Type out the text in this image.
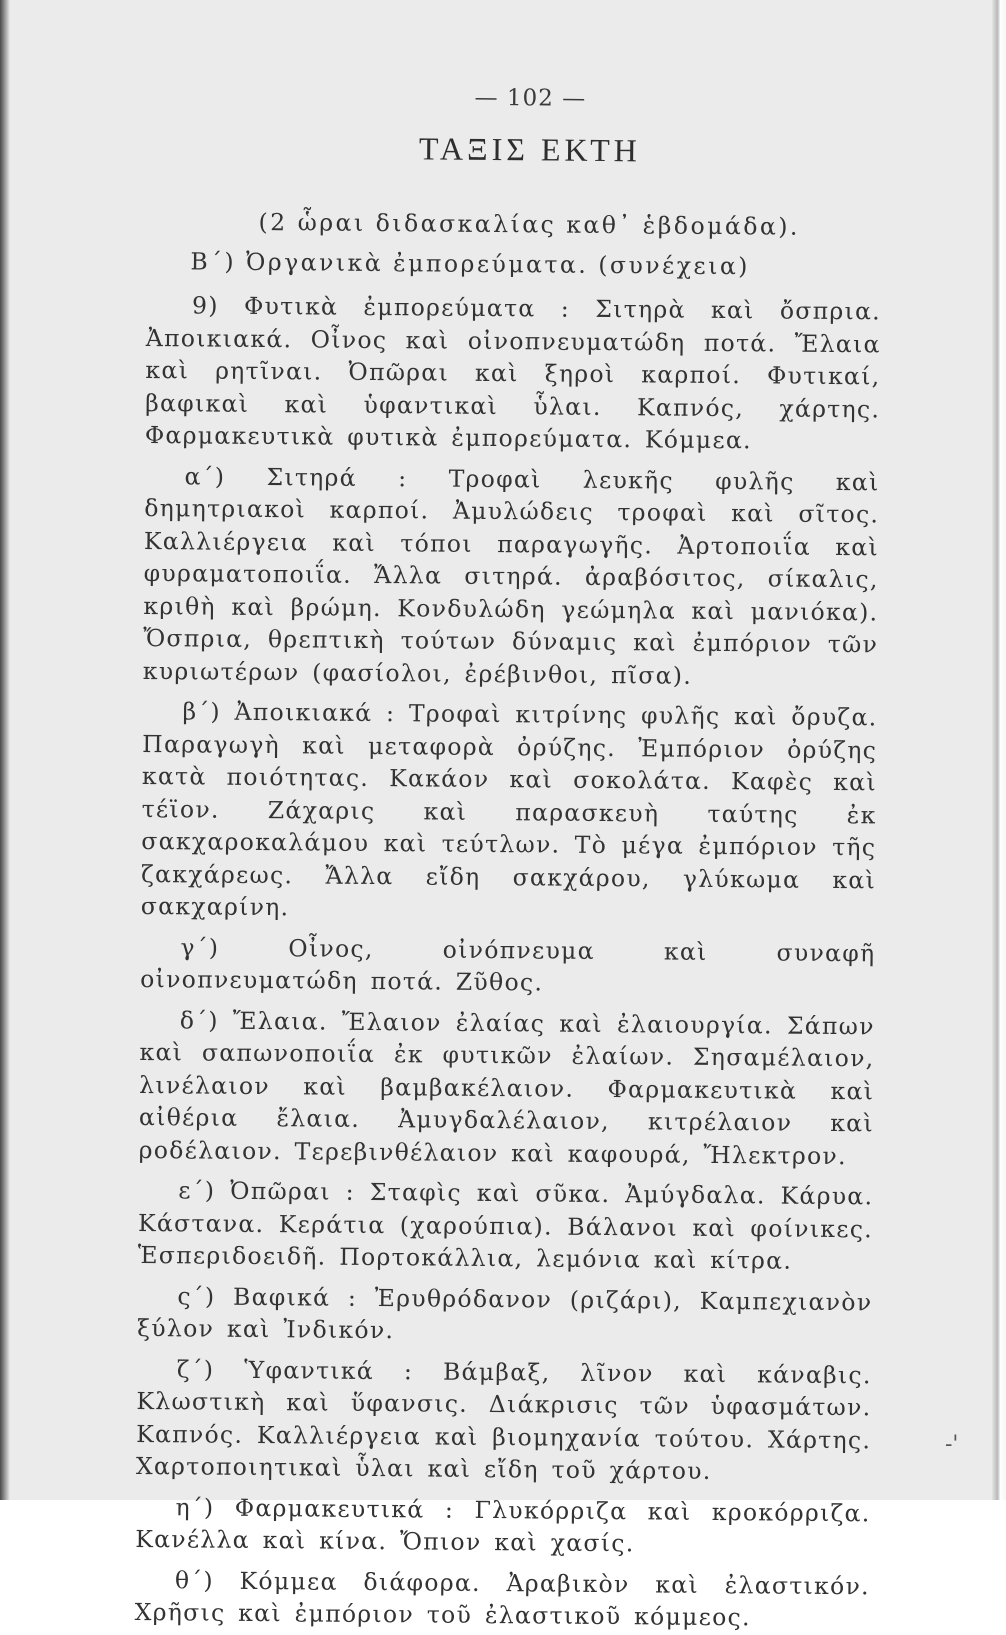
— 102 —
ΤΑΞΙΣ ΕΚΤΗ

(2 ὧραι διδασκαλίας καθ᾽ ἑβδομάδα).

Β΄) Ὀργανικὰ ἐμπορεύματα. (συνέχεια)

9) Φυτικὰ ἐμπορεύματα : Σιτηρὰ καὶ ὄσπρια. Ἀποικιακά. Οἶνος καὶ οἰνοπνευματώδη ποτά. Ἔλαια καὶ ρητῖναι. Ὀπῶραι καὶ ξηροὶ καρποί. Φυτικαί, βαφικαὶ καὶ ὑφαντικαὶ ὗλαι. Καπνός, χάρτης. Φαρμακευτικὰ φυτικὰ ἐμπορεύματα. Κόμμεα.

α΄) Σιτηρά : Τροφαὶ λευκῆς φυλῆς καὶ δημητριακοὶ καρποί. Ἀμυλώδεις τροφαὶ καὶ σῖτος. Καλλιέργεια καὶ τόποι παραγωγῆς. Ἀρτοποιΐα καὶ φυραματοποιΐα. Ἄλλα σιτηρά. ἀραβόσιτος, σίκαλις, κριθὴ καὶ βρώμη. Κονδυλώδη γεώμηλα καὶ μανιόκα). Ὄσπρια, θρεπτικὴ τούτων δύναμις καὶ ἐμπόριον τῶν κυριωτέρων (φασίολοι, ἐρέβινθοι, πῖσα).

β΄) Ἀποικιακά : Τροφαὶ κιτρίνης φυλῆς καὶ ὄρυζα. Παραγωγὴ καὶ μεταφορὰ ὀρύζης. Ἐμπόριον ὀρύζης κατὰ ποιότητας. Κακάον καὶ σοκολάτα. Καφὲς καὶ τέϊον. Ζάχαρις καὶ παρασκευὴ ταύτης ἐκ σακχαροκαλάμου καὶ τεύτλων. Τὸ μέγα ἐμπόριον τῆς ζακχάρεως. Ἄλλα εἴδη σακχάρου, γλύκωμα καὶ σακχαρίνη.

γ΄) Οἶνος, οἰνόπνευμα καὶ συναφῆ οἰνοπνευματώδη ποτά. Ζῦθος.

δ΄) Ἔλαια. Ἔλαιον ἐλαίας καὶ ἐλαιουργία. Σάπων καὶ σαπωνοποιΐα ἐκ φυτικῶν ἐλαίων. Σησαμέλαιον, λινέλαιον καὶ βαμβακέλαιον. Φαρμακευτικὰ καὶ αἰθέρια ἔλαια. Ἀμυγδαλέλαιον, κιτρέλαιον καὶ ροδέλαιον. Τερεβινθέλαιον καὶ καφουρά, Ἤλεκτρον.

ε΄) Ὀπῶραι : Σταφὶς καὶ σῦκα. Ἀμύγδαλα. Κάρυα. Κάστανα. Κεράτια (χαρούπια). Βάλανοι καὶ φοίνικες. Ἑσπεριδοειδῆ. Πορτοκάλλια, λεμόνια καὶ κίτρα.

ς΄) Βαφικά : Ἐρυθρόδανον (ριζάρι), Καμπεχιανὸν ξύλον καὶ Ἰνδικόν.

ζ΄) Ὑφαντικά : Βάμβαξ, λῖνον καὶ κάναβις. Κλωστικὴ καὶ ὕφανσις. Διάκρισις τῶν ὑφασμάτων. Καπνός. Καλλιέργεια καὶ βιομηχανία τούτου. Χάρτης. Χαρτοποιητικαὶ ὗλαι καὶ εἴδη τοῦ χάρτου.

η΄) Φαρμακευτικά : Γλυκόρριζα καὶ κροκόρριζα. Κανέλλα καὶ κίνα. Ὄπιον καὶ χασίς.

θ΄) Κόμμεα διάφορα. Ἀραβικὸν καὶ ἐλαστικόν. Χρῆσις καὶ ἐμπόριον τοῦ ἐλαστικοῦ κόμμεος.

-'
